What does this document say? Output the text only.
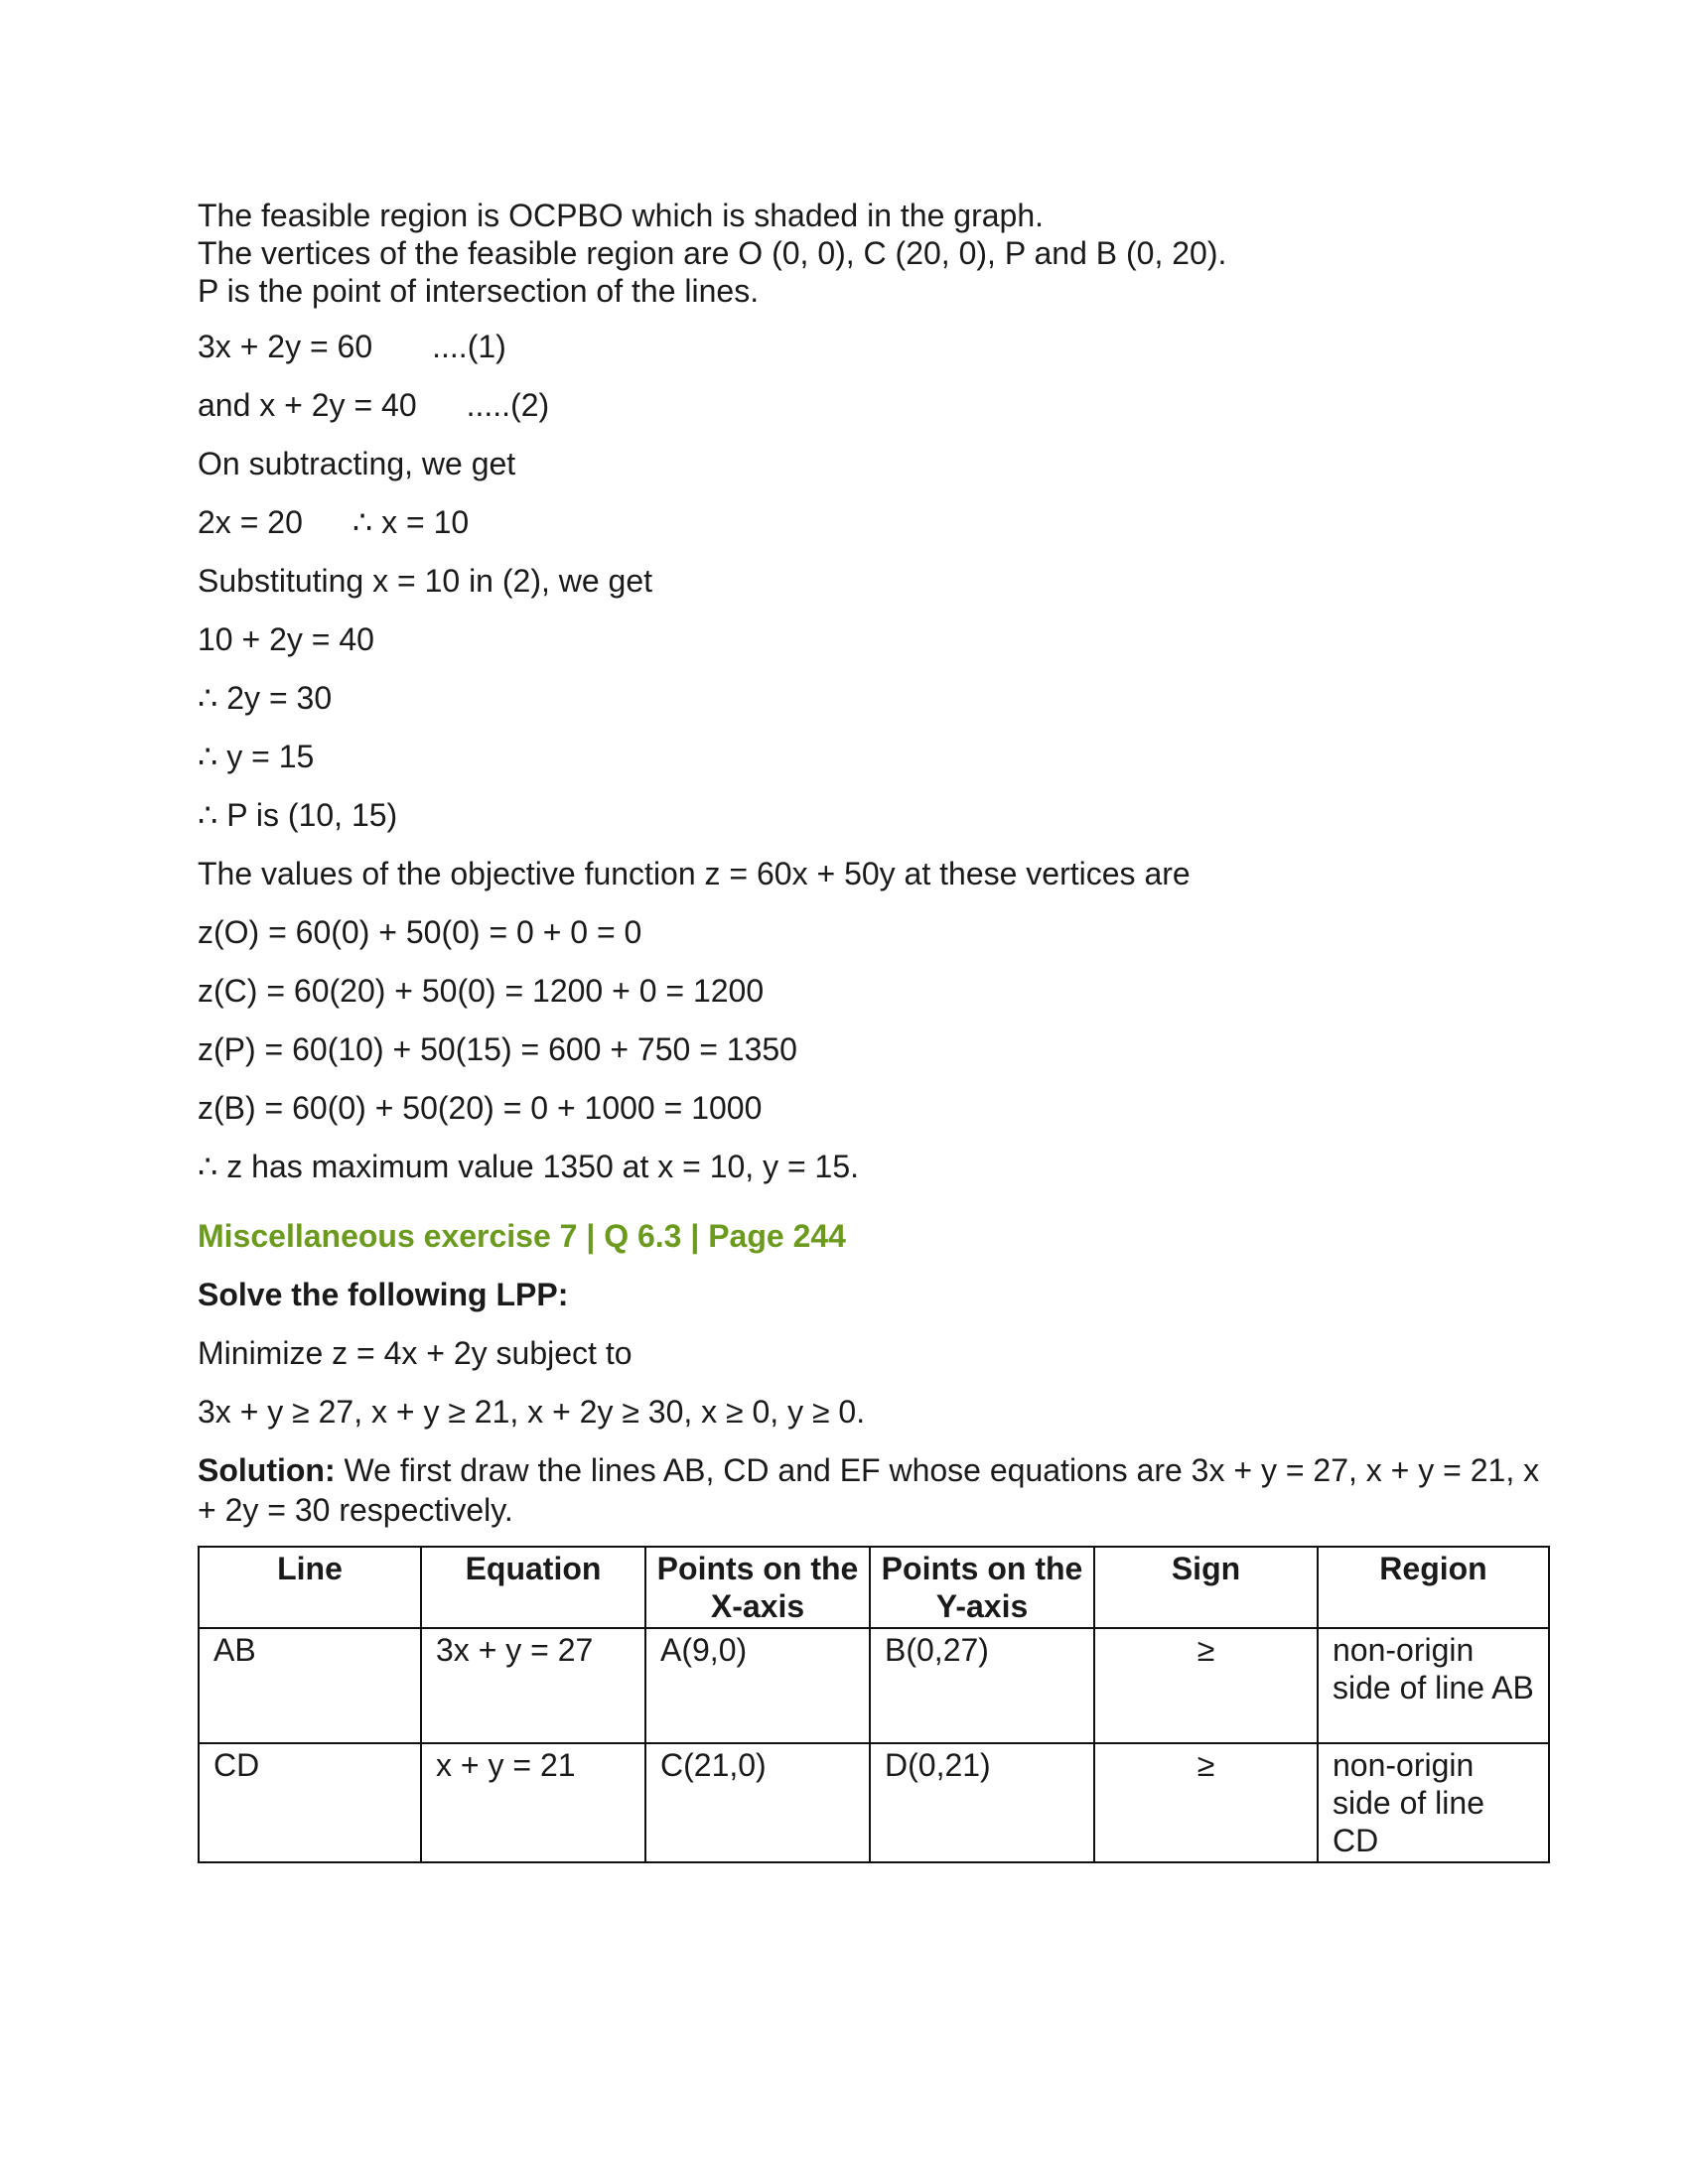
The feasible region is OCPBO which is shaded in the graph.

The vertices of the feasible region are O (0, 0), C (20, 0), P and B (0, 20).

P is the point of intersection of the lines.

3x + 2y = 60 ....(1)

and x + 2y = 40 .....(2)

On subtracting, we get

2x = 20 ∴ x = 10

Substituting x = 10 in (2), we get

10 + 2y = 40

∴ 2y = 30

∴ y = 15

∴ P is (10, 15)

The values of the objective function z = 60x + 50y at these vertices are

z(O) = 60(0) + 50(0) = 0 + 0 = 0

z(C) = 60(20) + 50(0) = 1200 + 0 = 1200

z(P) = 60(10) + 50(15) = 600 + 750 = 1350

z(B) = 60(0) + 50(20) = 0 + 1000 = 1000

∴ z has maximum value 1350 at x = 10, y = 15.

Miscellaneous exercise 7 | Q 6.3 | Page 244

Solve the following LPP:

Minimize z = 4x + 2y subject to

3x + y ≥ 27, x + y ≥ 21, x + 2y ≥ 30, x ≥ 0, y ≥ 0.

Solution: We first draw the lines AB, CD and EF whose equations are 3x + y = 27, x + y = 21, x + 2y = 30 respectively.

Line	Equation	Points on the X-axis	Points on the Y-axis	Sign	Region
AB	3x + y = 27	A(9,0)	B(0,27)	≥	non-origin side of line AB
CD	x + y = 21	C(21,0)	D(0,21)	≥	non-origin side of line CD
